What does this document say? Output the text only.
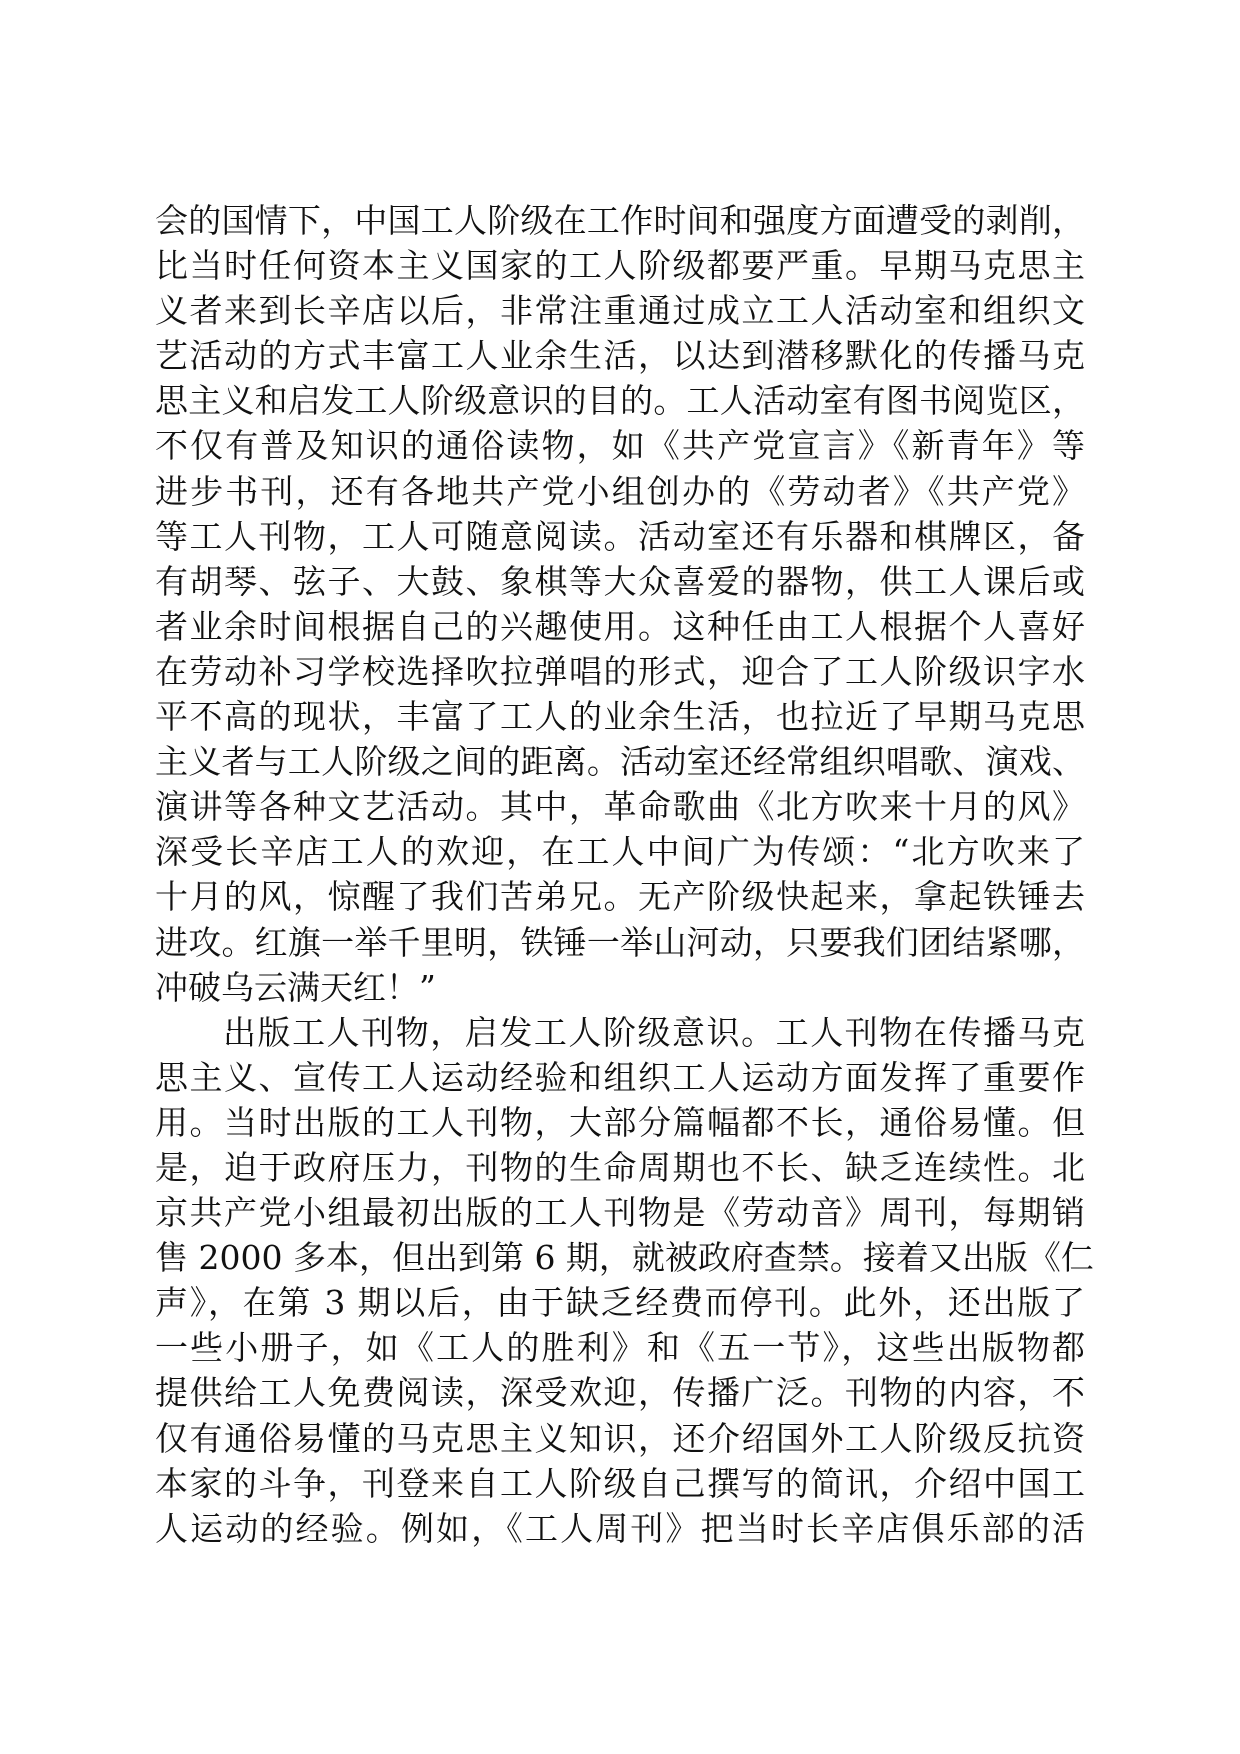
会的国情下，中国工人阶级在工作时间和强度方面遭受的剥削，
比当时任何资本主义国家的工人阶级都要严重。早期马克思主
义者来到长辛店以后，非常注重通过成立工人活动室和组织文
艺活动的方式丰富工人业余生活，以达到潜移默化的传播马克
思主义和启发工人阶级意识的目的。工人活动室有图书阅览区，
不仅有普及知识的通俗读物，如《共产党宣言》《新青年》等
进步书刊，还有各地共产党小组创办的《劳动者》《共产党》
等工人刊物，工人可随意阅读。活动室还有乐器和棋牌区，备
有胡琴、弦子、大鼓、象棋等大众喜爱的器物，供工人课后或
者业余时间根据自己的兴趣使用。这种任由工人根据个人喜好
在劳动补习学校选择吹拉弹唱的形式，迎合了工人阶级识字水
平不高的现状，丰富了工人的业余生活，也拉近了早期马克思
主义者与工人阶级之间的距离。活动室还经常组织唱歌、演戏、
演讲等各种文艺活动。其中，革命歌曲《北方吹来十月的风》
深受长辛店工人的欢迎，在工人中间广为传颂：“北方吹来了
十月的风，惊醒了我们苦弟兄。无产阶级快起来，拿起铁锤去
进攻。红旗一举千里明，铁锤一举山河动，只要我们团结紧哪，
冲破乌云满天红！”
出版工人刊物，启发工人阶级意识。工人刊物在传播马克
思主义、宣传工人运动经验和组织工人运动方面发挥了重要作
用。当时出版的工人刊物，大部分篇幅都不长，通俗易懂。但
是，迫于政府压力，刊物的生命周期也不长、缺乏连续性。北
京共产党小组最初出版的工人刊物是《劳动音》周刊，每期销
售 2000 多本，但出到第 6 期，就被政府查禁。接着又出版《仁
声》，在第 3 期以后，由于缺乏经费而停刊。此外，还出版了
一些小册子，如《工人的胜利》和《五一节》，这些出版物都
提供给工人免费阅读，深受欢迎，传播广泛。刊物的内容，不
仅有通俗易懂的马克思主义知识，还介绍国外工人阶级反抗资
本家的斗争，刊登来自工人阶级自己撰写的简讯，介绍中国工
人运动的经验。例如，《工人周刊》把当时长辛店俱乐部的活
